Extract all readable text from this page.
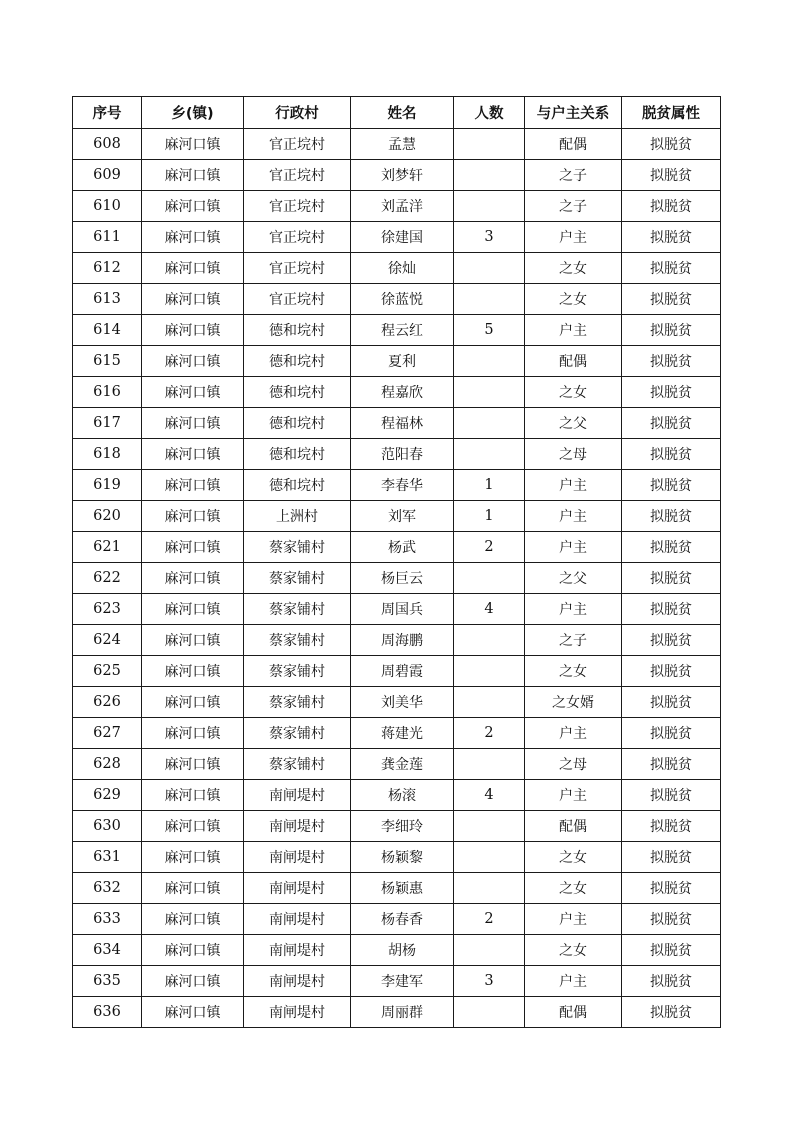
序号	乡(镇)	行政村	姓名	人数	与户主关系	脱贫属性
608	麻河口镇	官正垸村	孟慧		配偶	拟脱贫
609	麻河口镇	官正垸村	刘梦轩		之子	拟脱贫
610	麻河口镇	官正垸村	刘孟洋		之子	拟脱贫
611	麻河口镇	官正垸村	徐建国	3	户主	拟脱贫
612	麻河口镇	官正垸村	徐灿		之女	拟脱贫
613	麻河口镇	官正垸村	徐蓝悦		之女	拟脱贫
614	麻河口镇	德和垸村	程云红	5	户主	拟脱贫
615	麻河口镇	德和垸村	夏利		配偶	拟脱贫
616	麻河口镇	德和垸村	程嘉欣		之女	拟脱贫
617	麻河口镇	德和垸村	程福林		之父	拟脱贫
618	麻河口镇	德和垸村	范阳春		之母	拟脱贫
619	麻河口镇	德和垸村	李春华	1	户主	拟脱贫
620	麻河口镇	上洲村	刘军	1	户主	拟脱贫
621	麻河口镇	蔡家铺村	杨武	2	户主	拟脱贫
622	麻河口镇	蔡家铺村	杨巨云		之父	拟脱贫
623	麻河口镇	蔡家铺村	周国兵	4	户主	拟脱贫
624	麻河口镇	蔡家铺村	周海鹏		之子	拟脱贫
625	麻河口镇	蔡家铺村	周碧霞		之女	拟脱贫
626	麻河口镇	蔡家铺村	刘美华		之女婿	拟脱贫
627	麻河口镇	蔡家铺村	蒋建光	2	户主	拟脱贫
628	麻河口镇	蔡家铺村	龚金莲		之母	拟脱贫
629	麻河口镇	南闸堤村	杨滚	4	户主	拟脱贫
630	麻河口镇	南闸堤村	李细玲		配偶	拟脱贫
631	麻河口镇	南闸堤村	杨颖黎		之女	拟脱贫
632	麻河口镇	南闸堤村	杨颖惠		之女	拟脱贫
633	麻河口镇	南闸堤村	杨春香	2	户主	拟脱贫
634	麻河口镇	南闸堤村	胡杨		之女	拟脱贫
635	麻河口镇	南闸堤村	李建军	3	户主	拟脱贫
636	麻河口镇	南闸堤村	周丽群		配偶	拟脱贫
